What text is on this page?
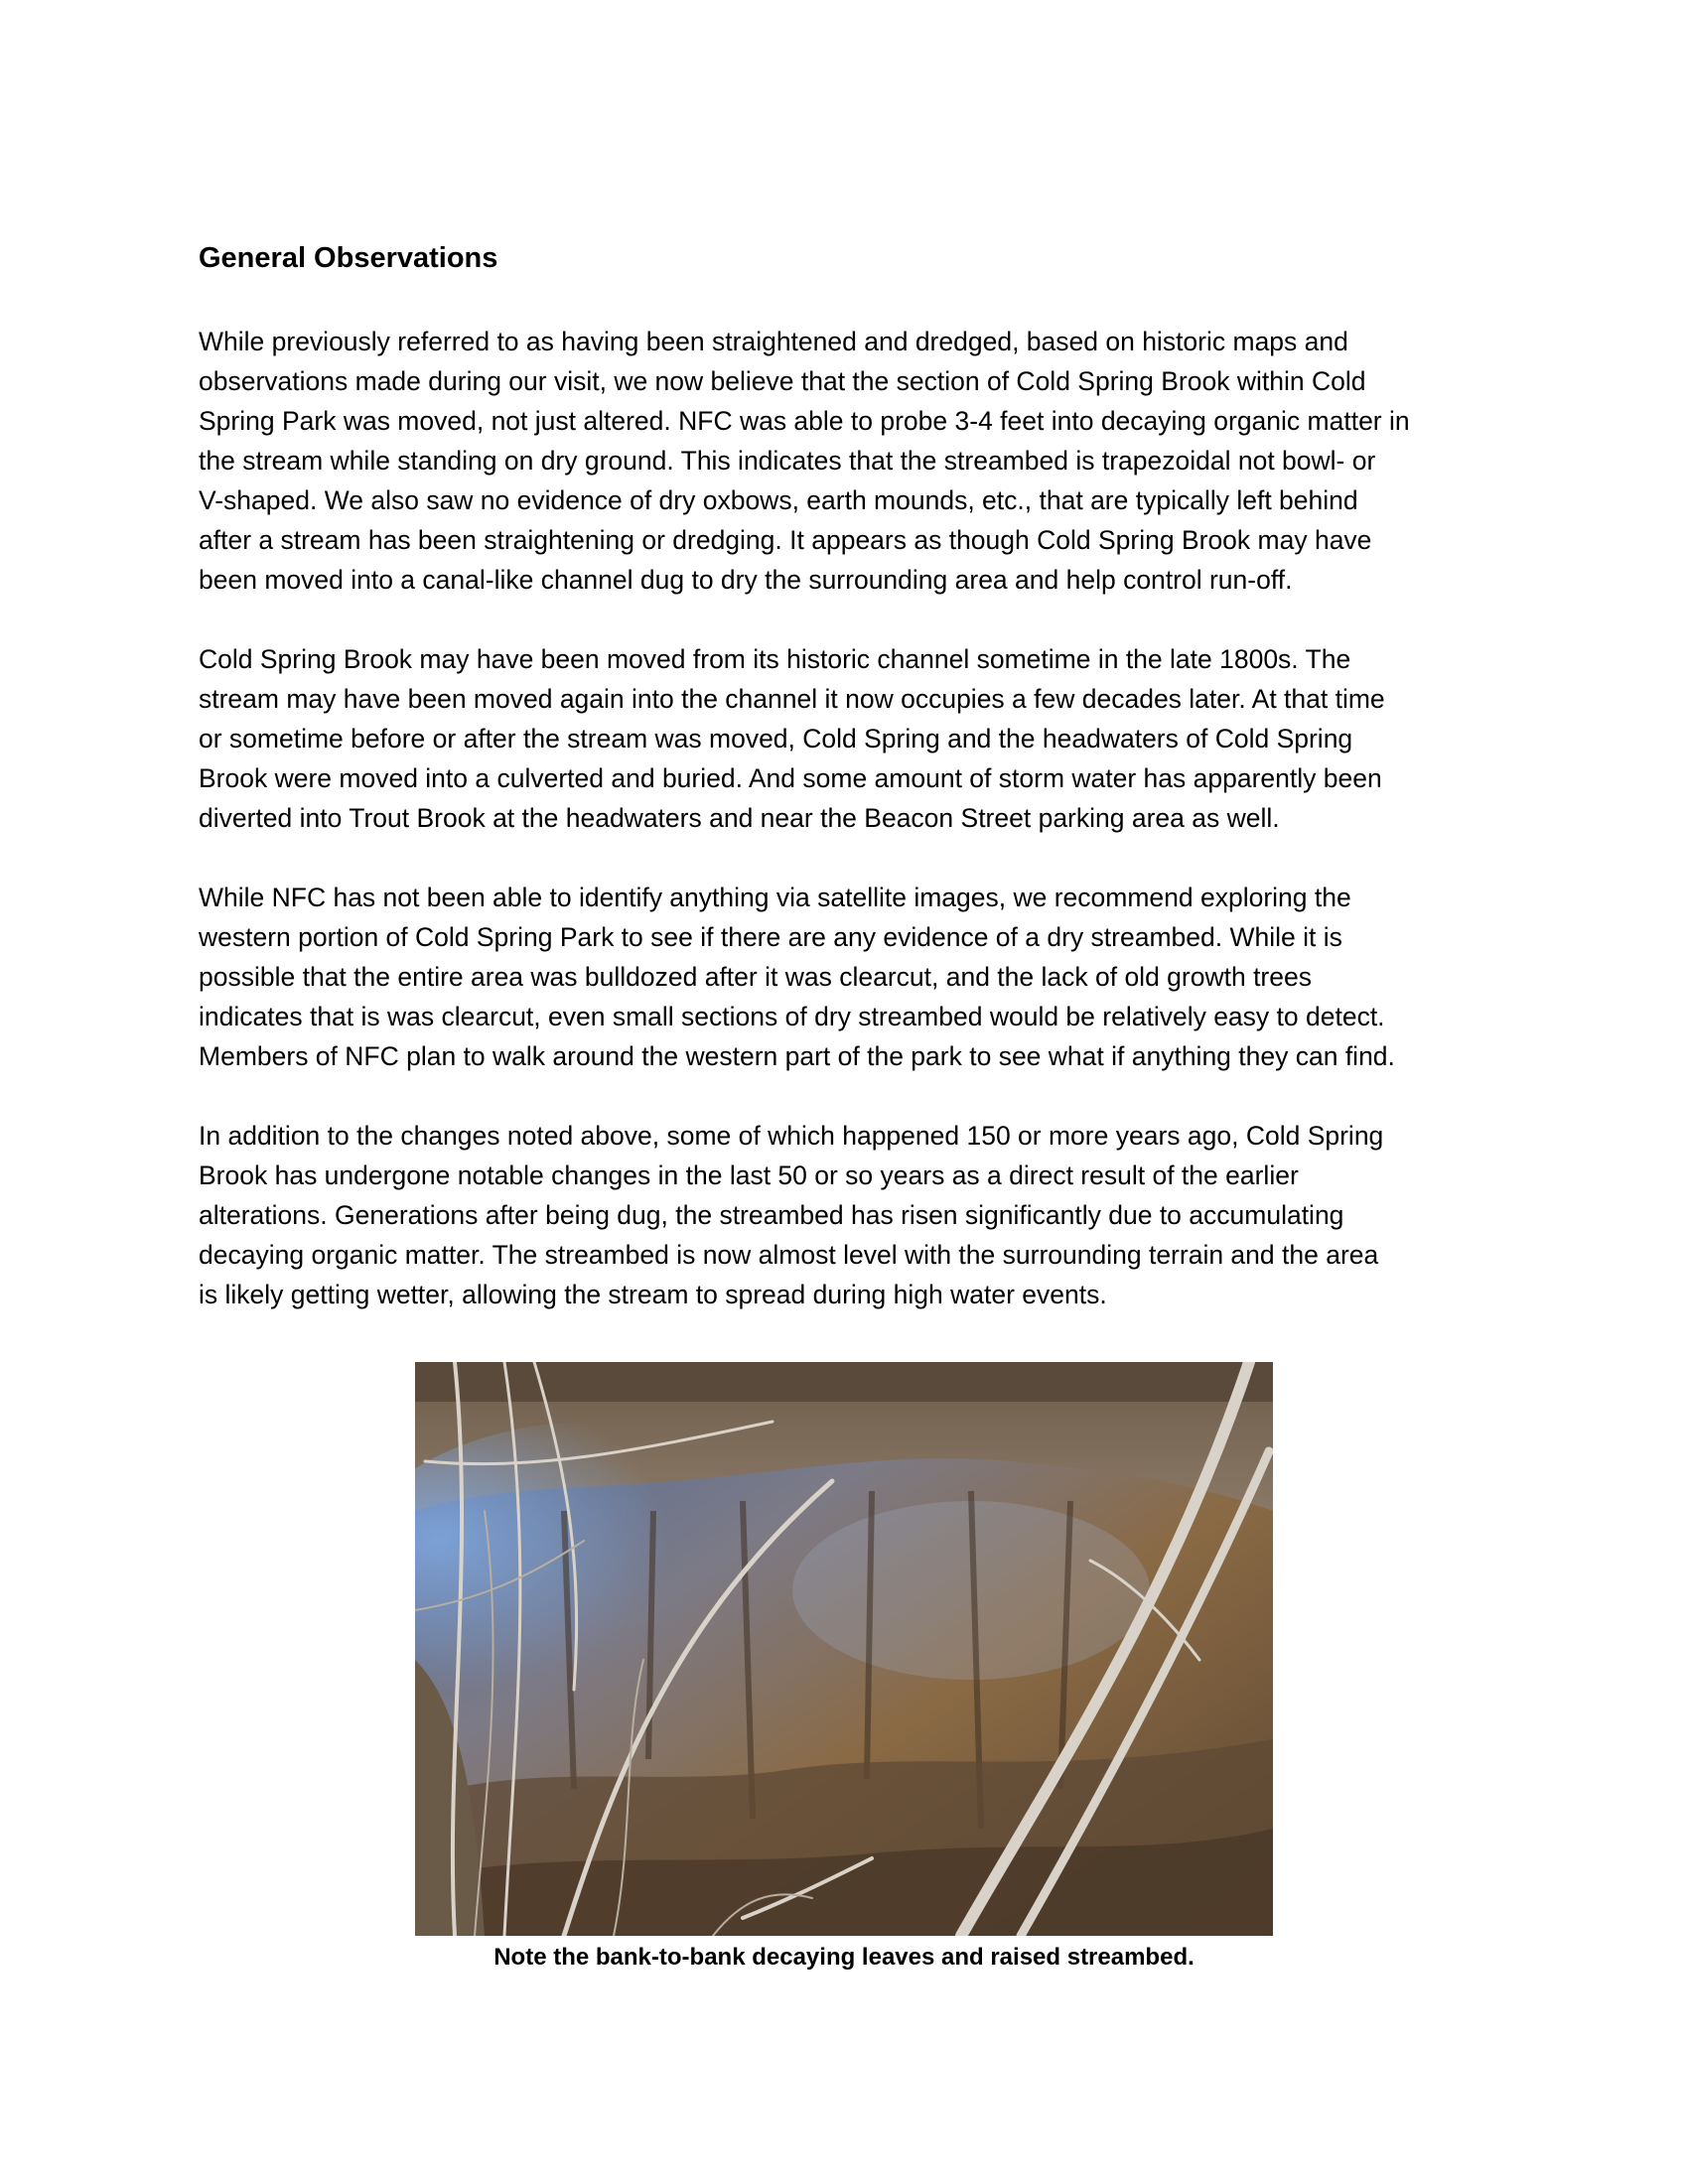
General Observations
While previously referred to as having been straightened and dredged, based on historic maps and
observations made during our visit, we now believe that the section of Cold Spring Brook within Cold
Spring Park was moved, not just altered. NFC was able to probe 3-4 feet into decaying organic matter in
the stream while standing on dry ground. This indicates that the streambed is trapezoidal not bowl- or
V-shaped. We also saw no evidence of dry oxbows, earth mounds, etc., that are typically left behind
after a stream has been straightening or dredging. It appears as though Cold Spring Brook may have
been moved into a canal-like channel dug to dry the surrounding area and help control run-off.
Cold Spring Brook may have been moved from its historic channel sometime in the late 1800s. The
stream may have been moved again into the channel it now occupies a few decades later. At that time
or sometime before or after the stream was moved, Cold Spring and the headwaters of Cold Spring
Brook were moved into a culverted and buried. And some amount of storm water has apparently been
diverted into Trout Brook at the headwaters and near the Beacon Street parking area as well.
While NFC has not been able to identify anything via satellite images, we recommend exploring the
western portion of Cold Spring Park to see if there are any evidence of a dry streambed. While it is
possible that the entire area was bulldozed after it was clearcut, and the lack of old growth trees
indicates that is was clearcut, even small sections of dry streambed would be relatively easy to detect.
Members of NFC plan to walk around the western part of the park to see what if anything they can find.
In addition to the changes noted above, some of which happened 150 or more years ago, Cold Spring
Brook has undergone notable changes in the last 50 or so years as a direct result of the earlier
alterations. Generations after being dug, the streambed has risen significantly due to accumulating
decaying organic matter. The streambed is now almost level with the surrounding terrain and the area
is likely getting wetter, allowing the stream to spread during high water events.

Note the bank-to-bank decaying leaves and raised streambed.
